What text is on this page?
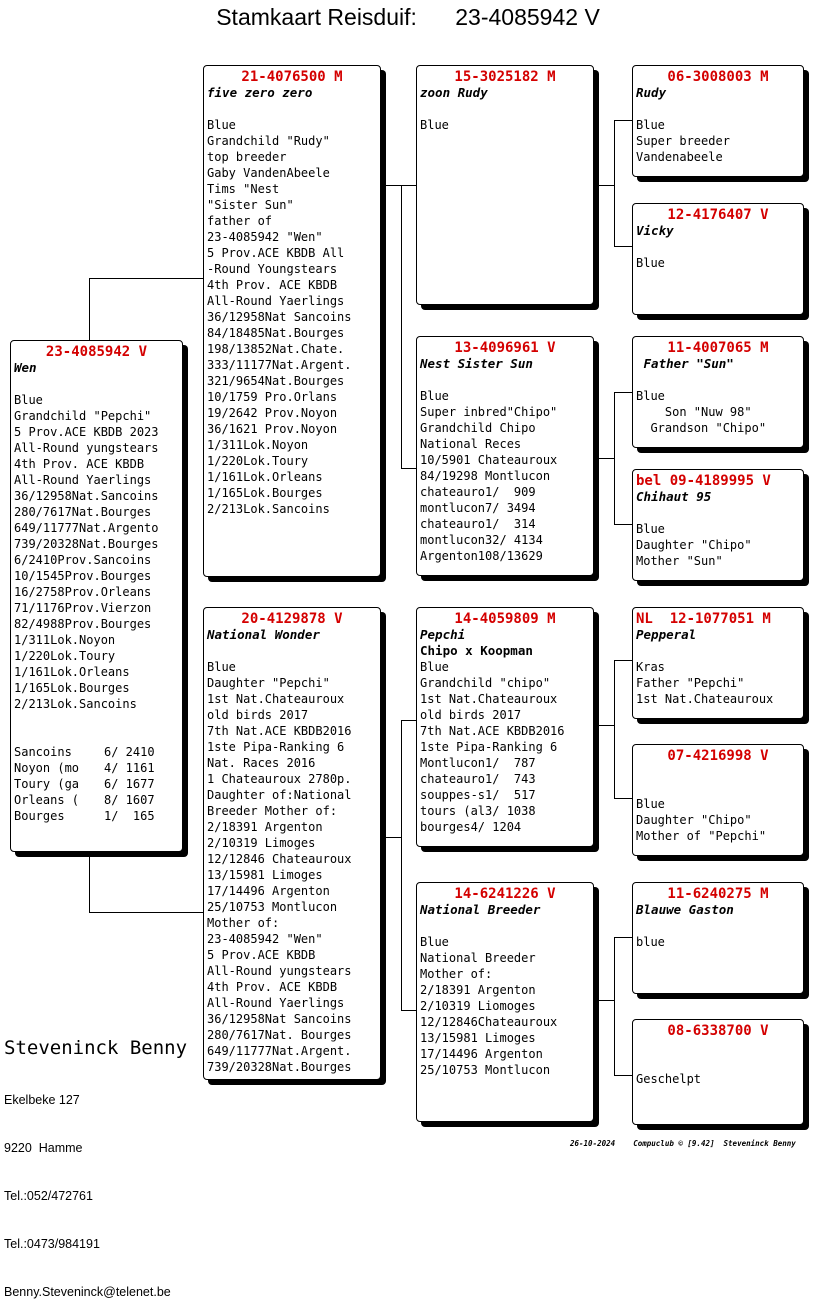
Stamkaart Reisduif: 23-4085942 V
23-4085942 V
Wen
Blue
Grandchild "Pepchi"
5 Prov.ACE KBDB 2023
All-Round yungstears
4th Prov. ACE KBDB
All-Round Yaerlings
36/12958Nat.Sancoins
280/7617Nat.Bourges
649/11777Nat.Argento
739/20328Nat.Bourges
6/2410Prov.Sancoins
10/1545Prov.Bourges
16/2758Prov.Orleans
71/1176Prov.Vierzon
82/4988Prov.Bourges
1/311Lok.Noyon
1/220Lok.Toury
1/161Lok.Orleans
1/165Lok.Bourges
2/213Lok.Sancoins
Sancoins	6/ 2410
Noyon (mo 4/ 1161
Toury (ga 6/ 1677
Orleans ( 8/ 1607
Bourges	1/  165
21-4076500 M
five zero zero
Blue
Grandchild "Rudy"
top breeder
Gaby VandenAbeele
Tims "Nest
"Sister Sun"
father of
23-4085942 "Wen"
5 Prov.ACE KBDB All
-Round Youngstears
4th Prov. ACE KBDB
All-Round Yaerlings
36/12958Nat Sancoins
84/18485Nat.Bourges
198/13852Nat.Chate.
333/11177Nat.Argent.
321/9654Nat.Bourges
10/1759 Pro.Orlans
19/2642 Prov.Noyon
36/1621 Prov.Noyon
1/311Lok.Noyon
1/220Lok.Toury
1/161Lok.Orleans
1/165Lok.Bourges
2/213Lok.Sancoins
20-4129878 V
National Wonder
Blue
Daughter "Pepchi"
1st Nat.Chateauroux
old birds 2017
7th Nat.ACE KBDB2016
1ste Pipa-Ranking 6
Nat. Races 2016
1 Chateauroux 2780p.
Daughter of:National
Breeder Mother of:
2/18391 Argenton
2/10319 Limoges
12/12846 Chateauroux
13/15981 Limoges
17/14496 Argenton
25/10753 Montlucon
Mother of:
23-4085942 "Wen"
5 Prov.ACE KBDB
All-Round yungstears
4th Prov. ACE KBDB
All-Round Yaerlings
36/12958Nat Sancoins
280/7617Nat. Bourges
649/11777Nat.Argent.
739/20328Nat.Bourges
15-3025182 M
zoon Rudy
Blue
13-4096961 V
Nest Sister Sun
Blue
Super inbred"Chipo"
Grandchild Chipo
National Reces
10/5901 Chateauroux
84/19298 Montlucon
chateauro1/  909
montlucon7/ 3494
chateauro1/  314
montlucon32/ 4134
Argenton108/13629
14-4059809 M
Pepchi
Chipo x Koopman
Blue
Grandchild "chipo"
1st Nat.Chateauroux
old birds 2017
7th Nat.ACE KBDB2016
1ste Pipa-Ranking 6
Montlucon1/  787
chateauro1/  743
souppes-s1/  517
tours (al3/ 1038
bourges4/ 1204
14-6241226 V
National Breeder
Blue
National Breeder
Mother of:
2/18391 Argenton
2/10319 Liomoges
12/12846Chateauroux
13/15981 Limoges
17/14496 Argenton
25/10753 Montlucon
06-3008003 M
Rudy
Blue
Super breeder
Vandenabeele
12-4176407 V
Vicky
Blue
11-4007065 M
Father "Sun"
Blue
Son "Nuw 98"
Grandson "Chipo"
bel 09-4189995 V
Chihaut 95
Blue
Daughter "Chipo"
Mother "Sun"
NL  12-1077051 M
Pepperal
Kras
Father "Pepchi"
1st Nat.Chateauroux
07-4216998 V

Blue
Daughter "Chipo"
Mother of "Pepchi"
11-6240275 M
Blauwe Gaston
blue
08-6338700 V

Geschelpt
Steveninck Benny

Ekelbeke 127

9220  Hamme

Tel.:052/472761

Tel.:0473/984191

Benny.Steveninck@telenet.be

26-10-2024    Compuclub © [9.42]  Steveninck Benny
